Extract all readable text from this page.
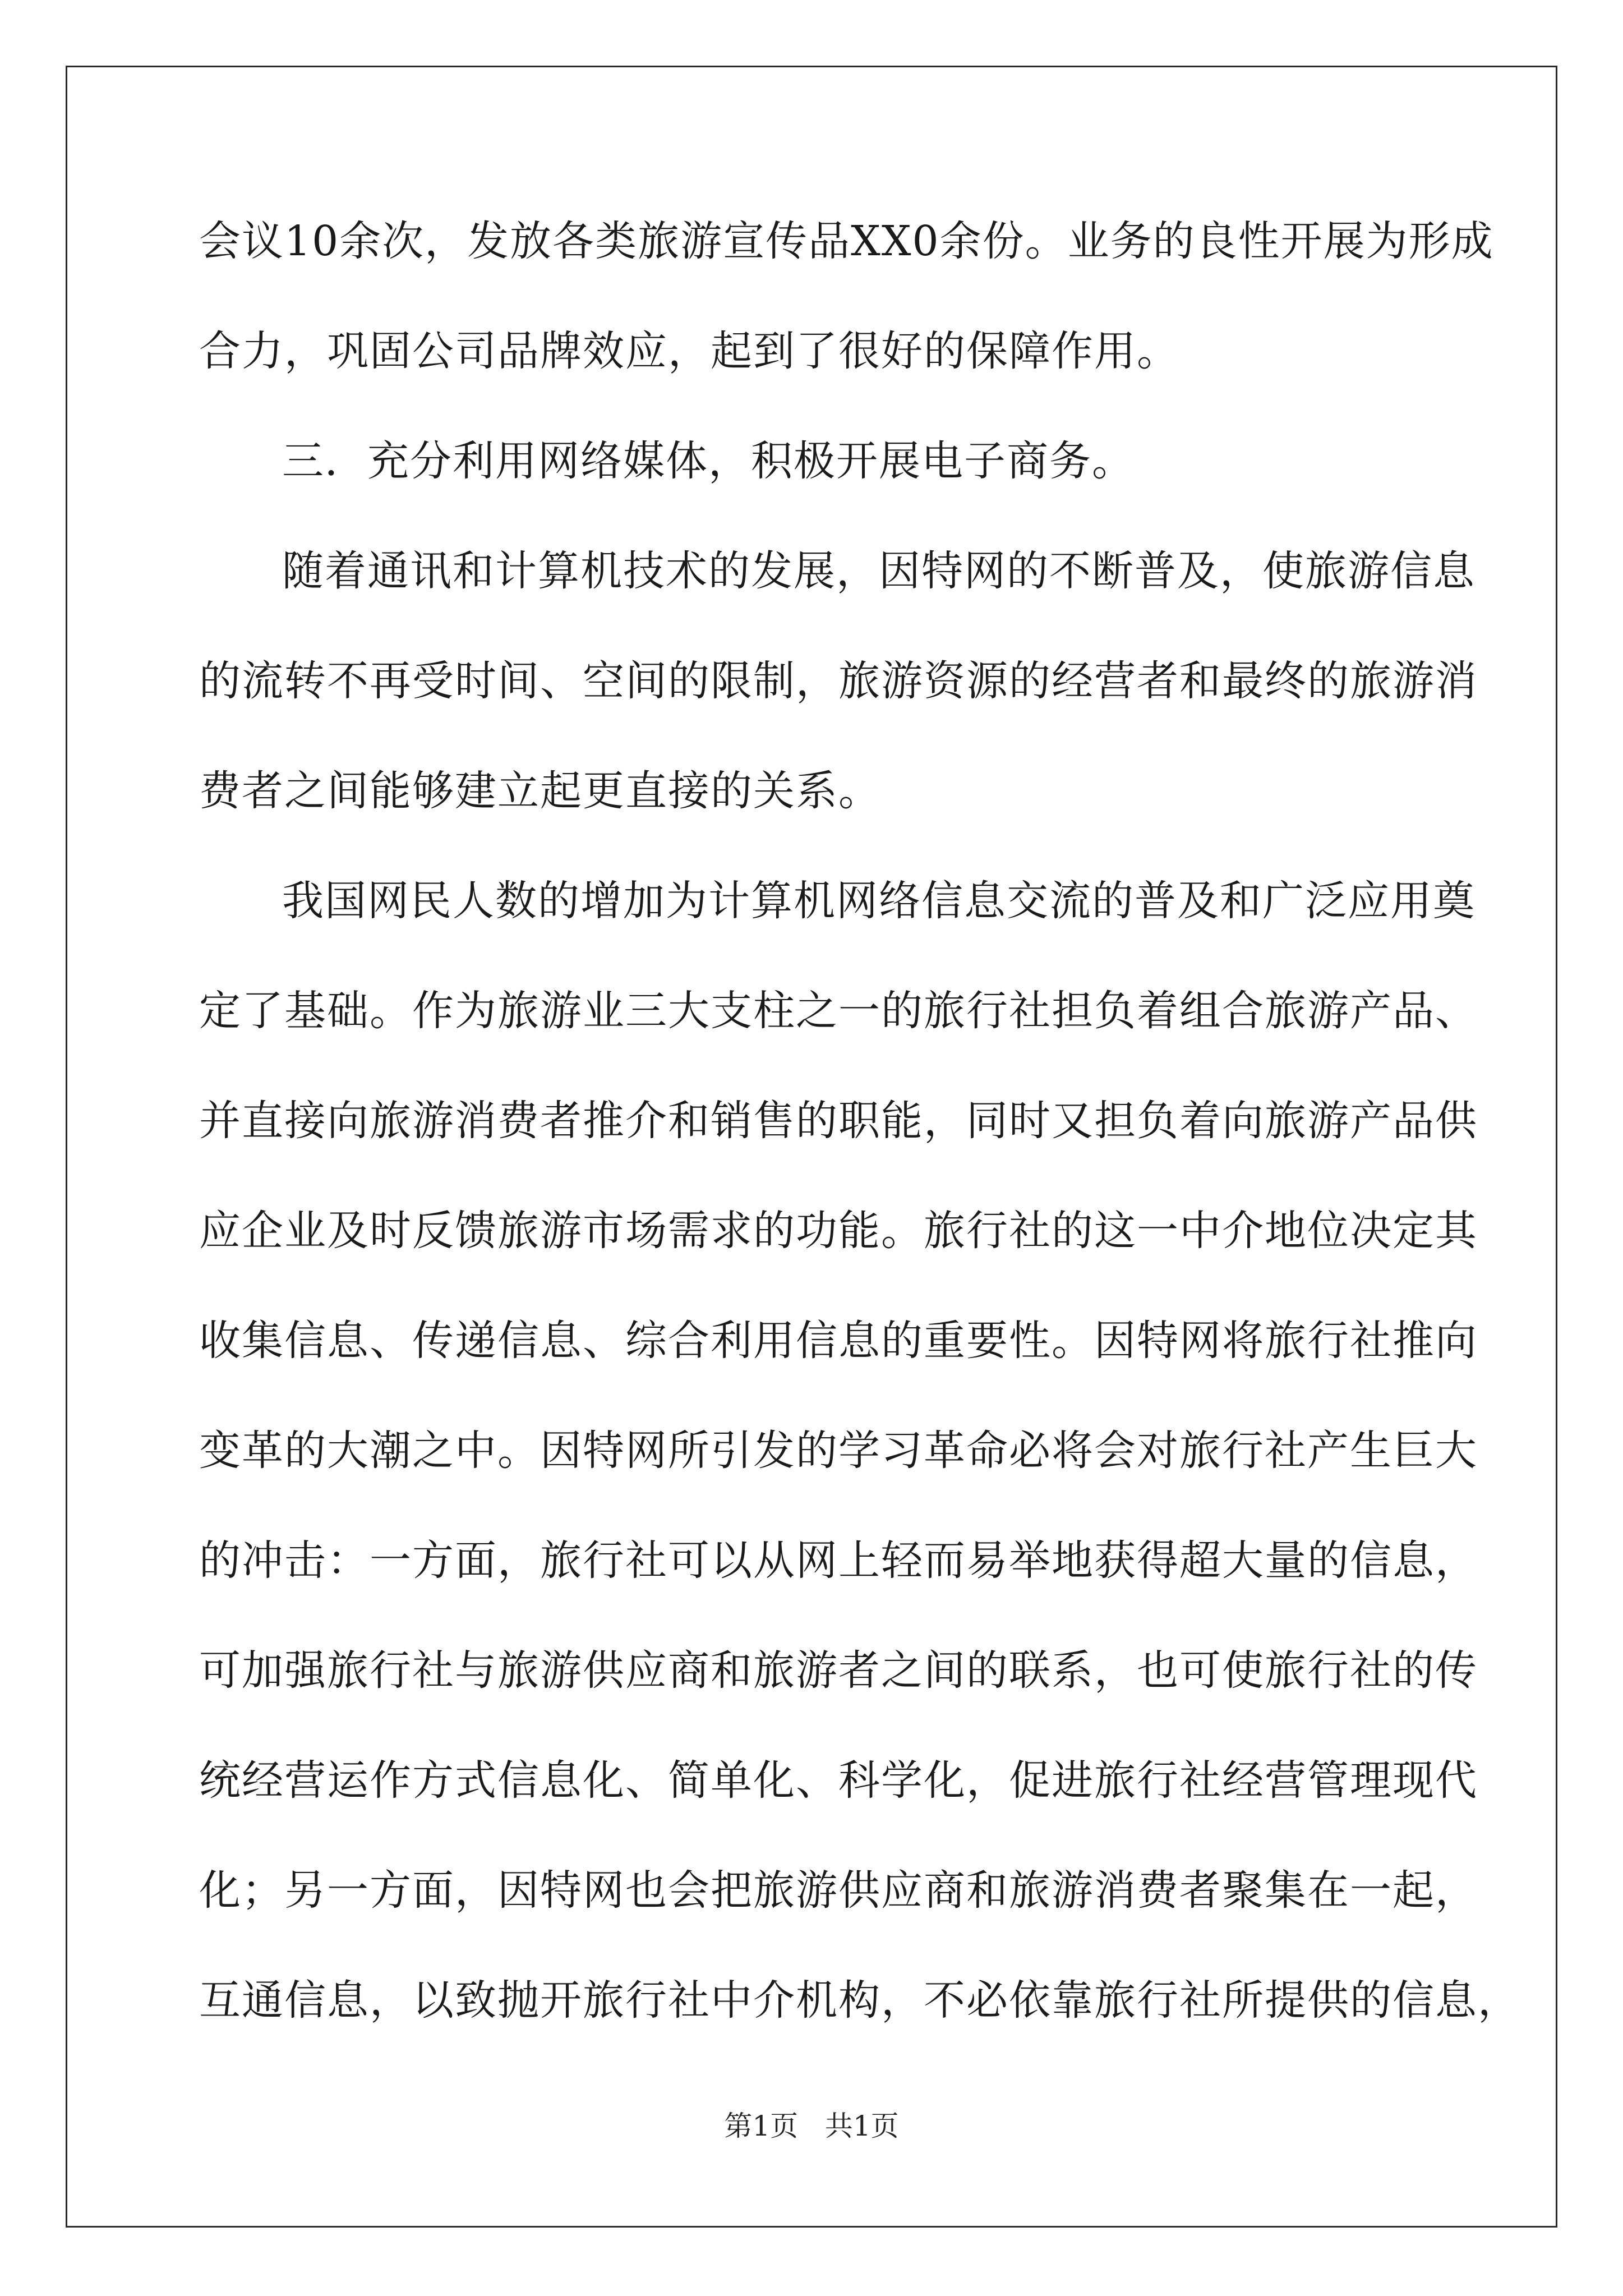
会议10余次，发放各类旅游宣传品XX0余份。业务的良性开展为形成
合力，巩固公司品牌效应，起到了很好的保障作用。
三．充分利用网络媒体，积极开展电子商务。
随着通讯和计算机技术的发展，因特网的不断普及，使旅游信息
的流转不再受时间、空间的限制，旅游资源的经营者和最终的旅游消
费者之间能够建立起更直接的关系。
我国网民人数的增加为计算机网络信息交流的普及和广泛应用奠
定了基础。作为旅游业三大支柱之一的旅行社担负着组合旅游产品、
并直接向旅游消费者推介和销售的职能，同时又担负着向旅游产品供
应企业及时反馈旅游市场需求的功能。旅行社的这一中介地位决定其
收集信息、传递信息、综合利用信息的重要性。因特网将旅行社推向
变革的大潮之中。因特网所引发的学习革命必将会对旅行社产生巨大
的冲击：一方面，旅行社可以从网上轻而易举地获得超大量的信息，
可加强旅行社与旅游供应商和旅游者之间的联系，也可使旅行社的传
统经营运作方式信息化、简单化、科学化，促进旅行社经营管理现代
化；另一方面，因特网也会把旅游供应商和旅游消费者聚集在一起，
互通信息，以致抛开旅行社中介机构，不必依靠旅行社所提供的信息，
第1页   共1页
